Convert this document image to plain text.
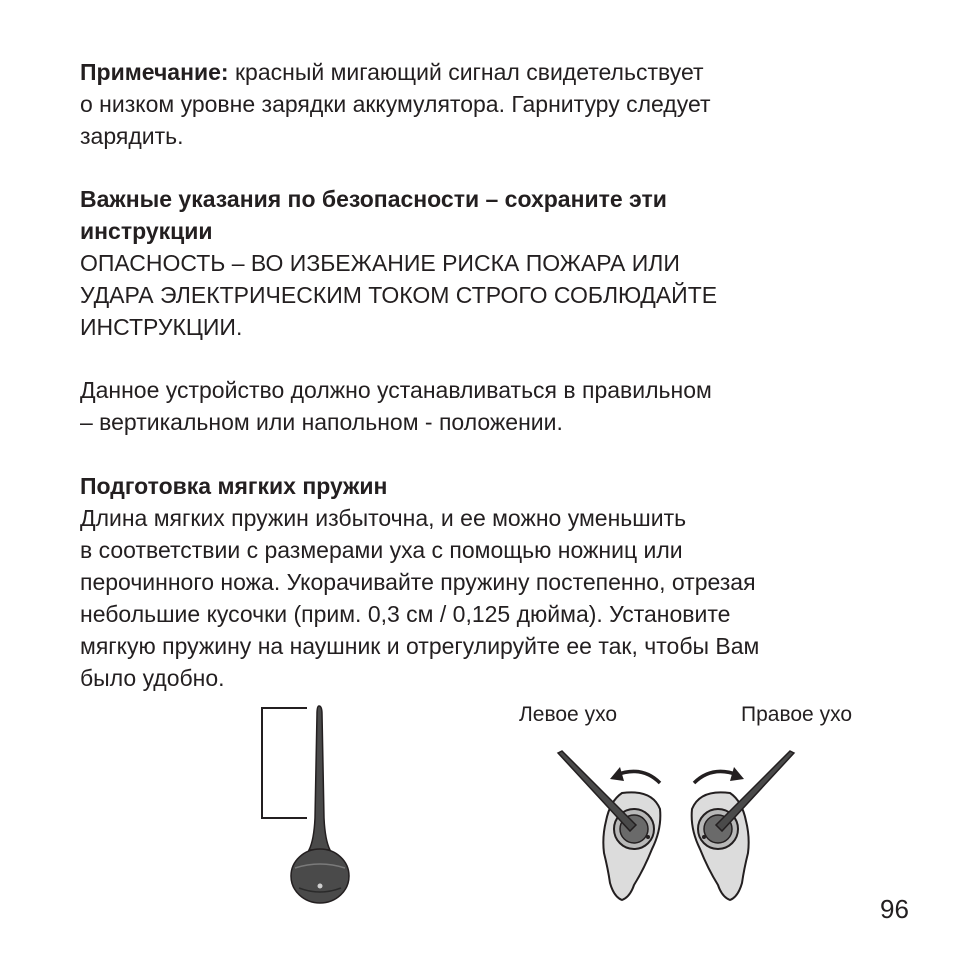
Примечание: красный мигающий сигнал свидетельствует
о низком уровне зарядки аккумулятора. Гарнитуру следует
зарядить.
Важные указания по безопасности – сохраните эти
инструкции
ОПАСНОСТЬ – ВО ИЗБЕЖАНИЕ РИСКА ПОЖАРА ИЛИ
УДАРА ЭЛЕКТРИЧЕСКИМ ТОКОМ СТРОГО СОБЛЮДАЙТЕ
ИНСТРУКЦИИ.
Данное устройство должно устанавливаться в правильном
– вертикальном или напольном - положении.
Подготовка мягких пружин
Длина мягких пружин избыточна, и ее можно уменьшить
в соответствии с размерами уха с помощью ножниц или
перочинного ножа. Укорачивайте пружину постепенно, отрезая
небольшие кусочки (прим. 0,3 см / 0,125 дюйма). Установите
мягкую пружину на наушник и отрегулируйте ее так, чтобы Вам
было удобно.
Левое ухо	Правое ухо
96
